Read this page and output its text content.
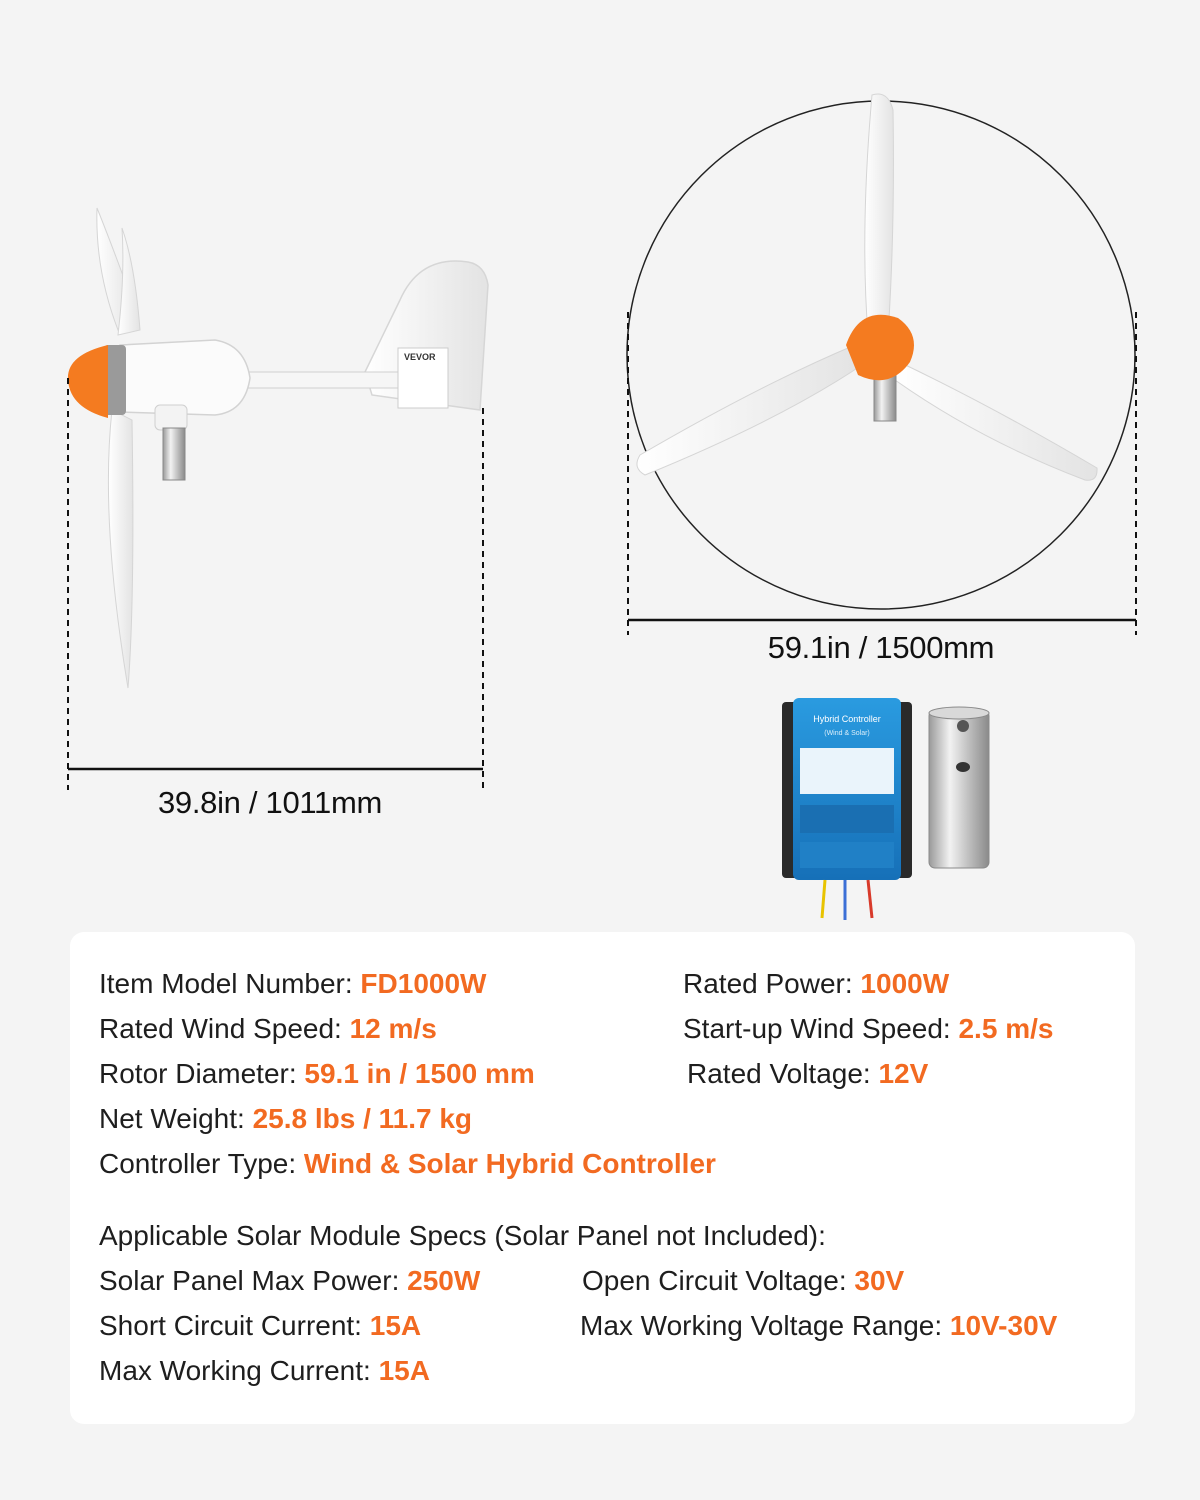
VEVOR
Hybrid Controller
(Wind & Solar)
39.8in / 1011mm
59.1in / 1500mm
Item Model Number: FD1000W	Rated Power: 1000W
Rated Wind Speed: 12 m/s	Start-up Wind Speed: 2.5 m/s
Rotor Diameter: 59.1 in / 1500 mm	Rated Voltage: 12V
Net Weight: 25.8 lbs / 11.7 kg
Controller Type: Wind & Solar Hybrid Controller
Applicable Solar Module Specs (Solar Panel not Included):
Solar Panel Max Power: 250W	Open Circuit Voltage: 30V
Short Circuit Current: 15A	Max Working Voltage Range: 10V-30V
Max Working Current: 15A
